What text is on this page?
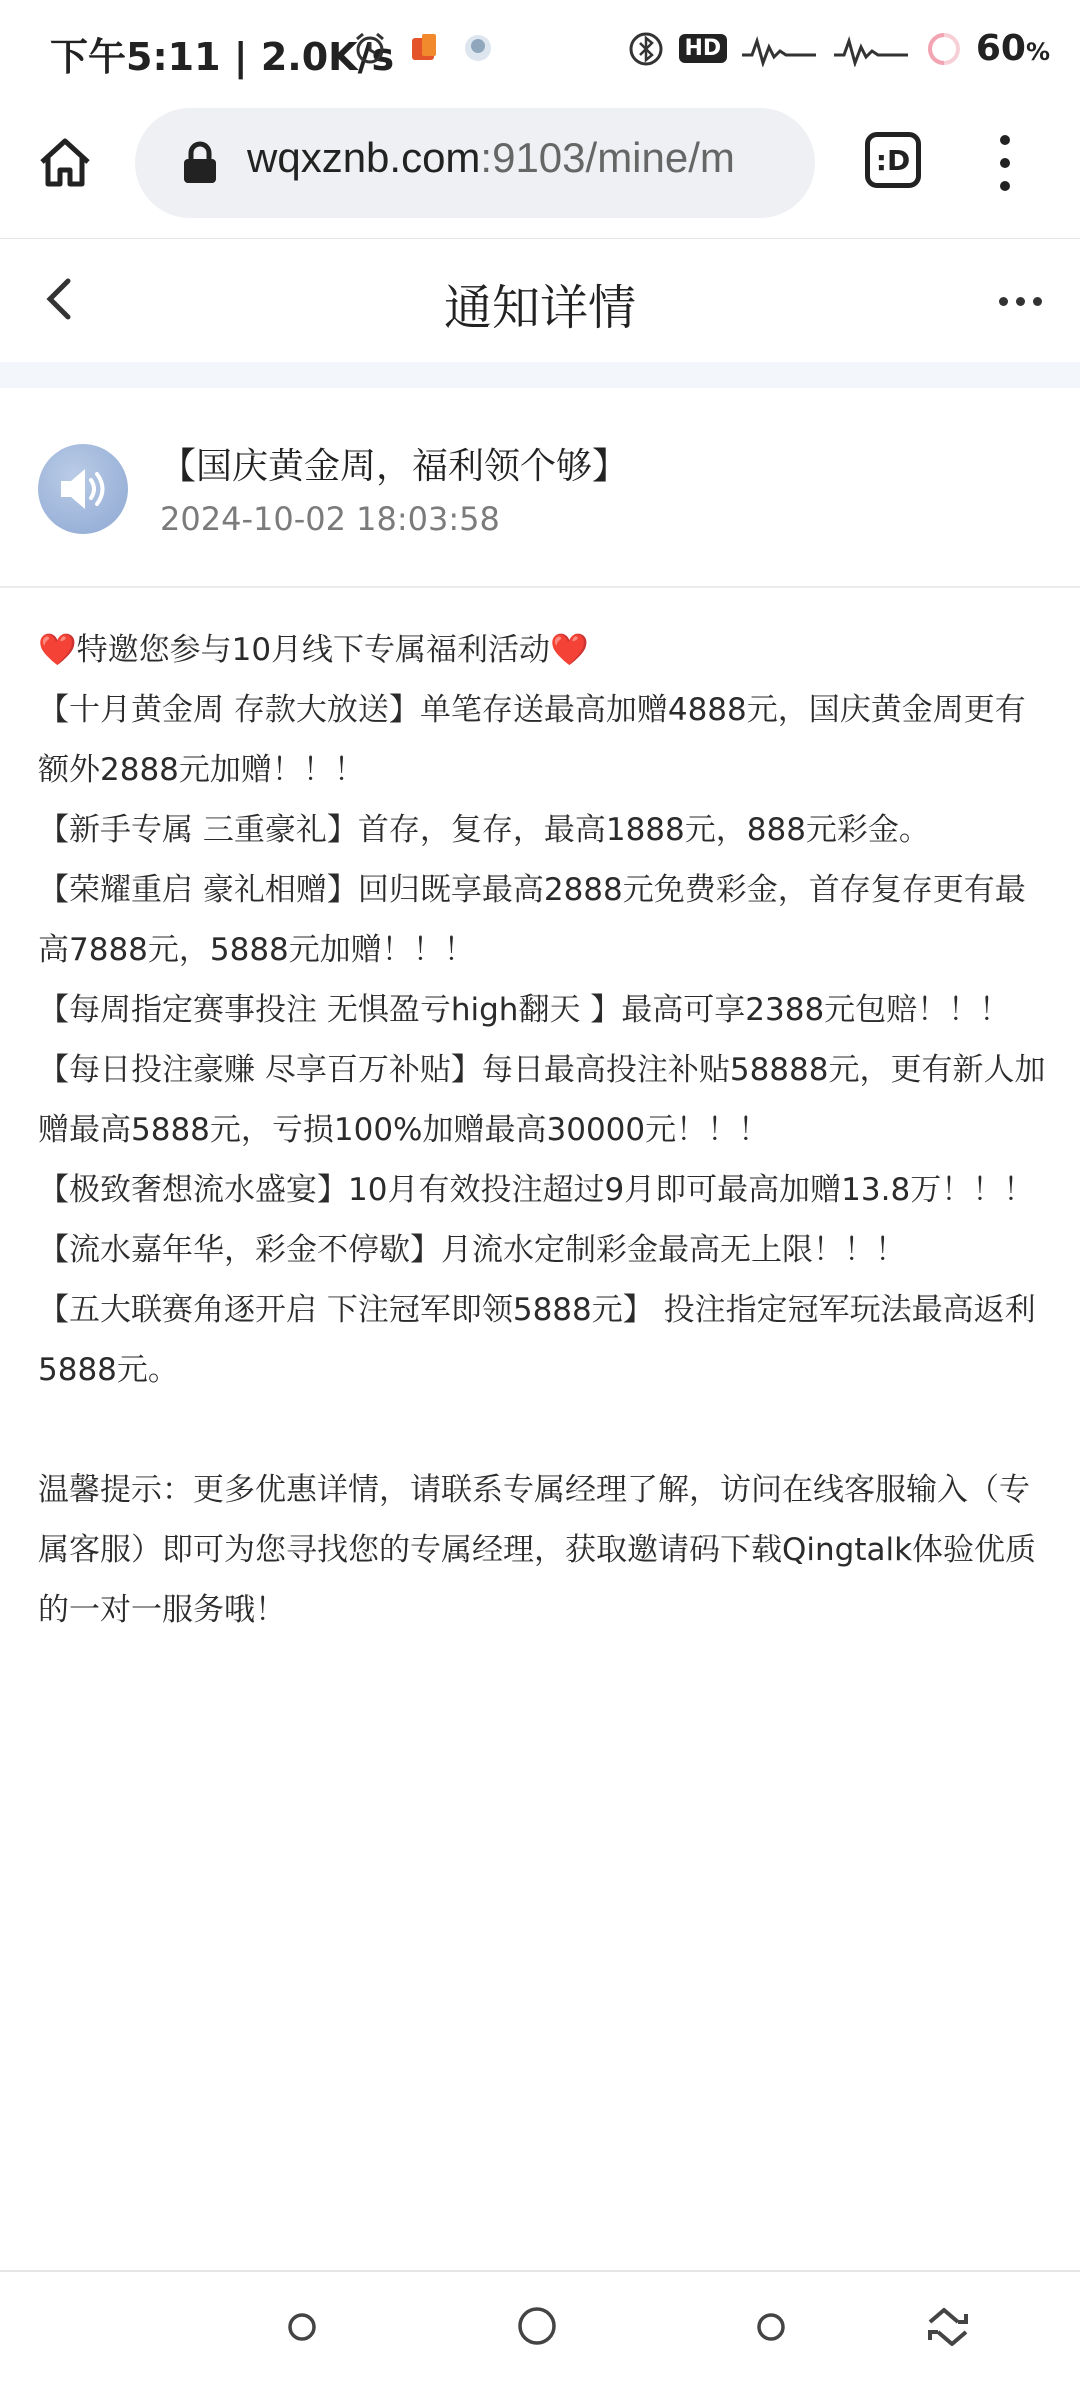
下午5:11 | 2.0K/s	HD	60%
wqxznb.com:9103/mine/m	:D
通知详情
【国庆黄金周，福利领个够】
2024-10-02 18:03:58

❤️特邀您参与10月线下专属福利活动❤️

【十月黄金周 存款大放送】单笔存送最高加赠4888元，国庆黄金周更有额外2888元加赠！！！

【新手专属 三重豪礼】首存，复存，最高1888元，888元彩金。

【荣耀重启 豪礼相赠】回归既享最高2888元免费彩金，首存复存更有最高7888元，5888元加赠！！！

【每周指定赛事投注 无惧盈亏high翻天 】最高可享2388元包赔！！！

【每日投注豪赚 尽享百万补贴】每日最高投注补贴58888元，更有新人加赠最高5888元，亏损100%加赠最高30000元！！！

【极致奢想流水盛宴】10月有效投注超过9月即可最高加赠13.8万！！！

【流水嘉年华，彩金不停歇】月流水定制彩金最高无上限！！！

【五大联赛角逐开启 下注冠军即领5888元】 投注指定冠军玩法最高返利5888元。

温馨提示：更多优惠详情，请联系专属经理了解，访问在线客服输入（专属客服）即可为您寻找您的专属经理，获取邀请码下载Qingtalk体验优质的一对一服务哦！
